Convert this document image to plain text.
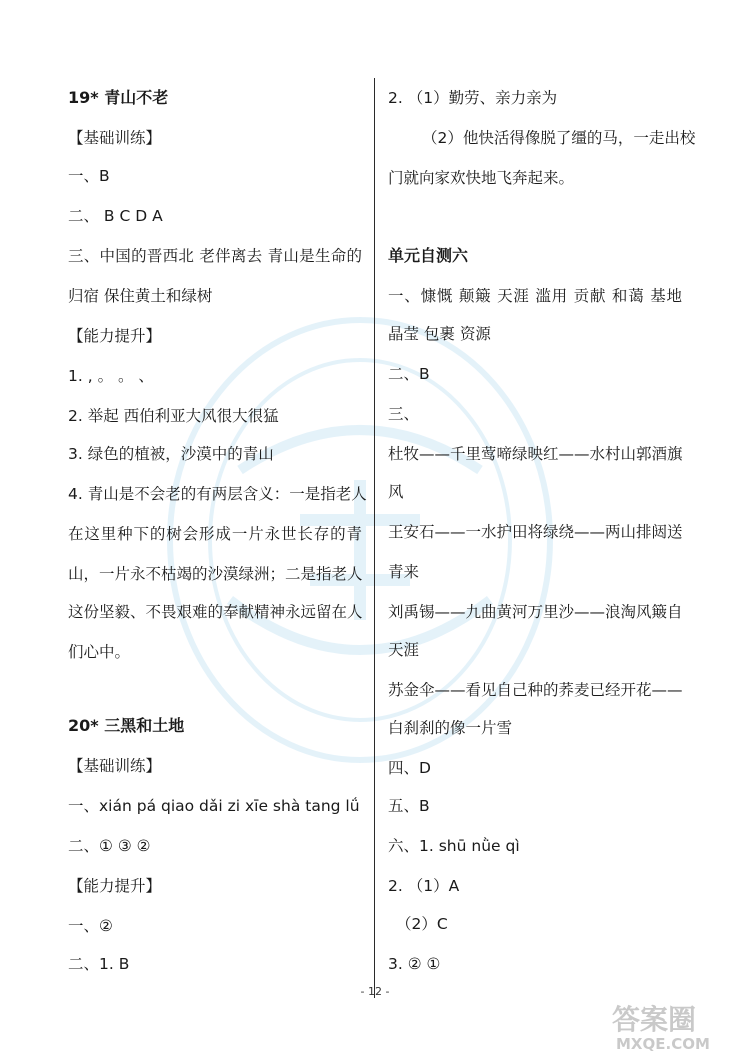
19* 青山不老
【基础训练】
一、B
二、 B C D A
三、中国的晋西北 老伴离去 青山是生命的
归宿 保住黄土和绿树
【能力提升】
1. , 。 。 、
2. 举起 西伯利亚大风很大很猛
3. 绿色的植被，沙漠中的青山
4. 青山是不会老的有两层含义：一是指老人
在这里种下的树会形成一片永世长存的青
山，一片永不枯竭的沙漠绿洲；二是指老人
这份坚毅、不畏艰难的奉献精神永远留在人
们心中。
20* 三黑和土地
【基础训练】
一、xián pá qiao dǎi zi xīe shà tang lǘ
二、① ③ ②
【能力提升】
一、②
二、1. B
2. （1）勤劳、亲力亲为
（2）他快活得像脱了缰的马，一走出校
门就向家欢快地飞奔起来。
单元自测六
一、慷慨 颠簸 天涯 滥用 贡献 和蔼 基地
晶莹 包裹 资源
二、B
三、
杜牧——千里莺啼绿映红——水村山郭酒旗
风
王安石——一水护田将绿绕——两山排闼送
青来
刘禹锡——九曲黄河万里沙——浪淘风簸自
天涯
苏金伞——看见自己种的荞麦已经开花——
白刹刹的像一片雪
四、D
五、B
六、1. shū nǜe qì
2. （1）A
（2）C
3. ② ①
- 12 -
答案圈
MXQE.COM
